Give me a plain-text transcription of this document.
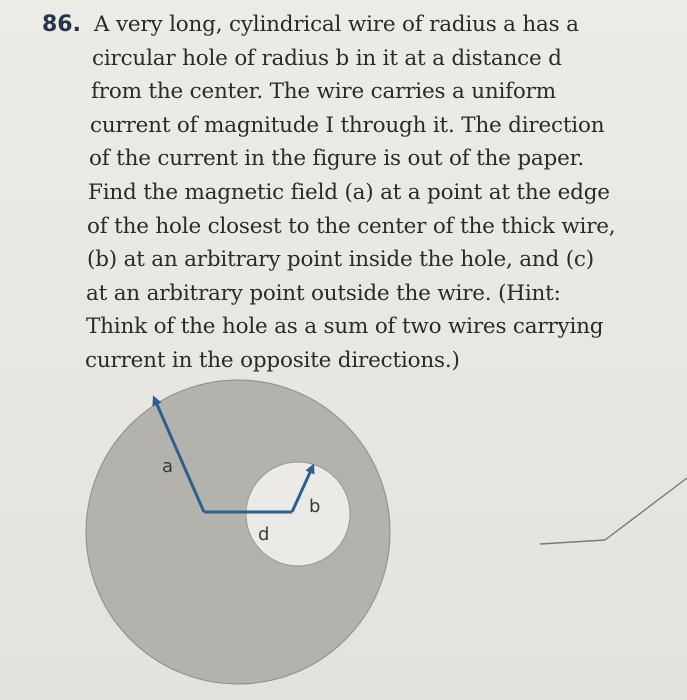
86. A very long, cylindrical wire of radius a has a
circular hole of radius b in it at a distance d
from the center. The wire carries a uniform
current of magnitude I through it. The direction
of the current in the figure is out of the paper.
Find the magnetic field (a) at a point at the edge
of the hole closest to the center of the thick wire,
(b) at an arbitrary point inside the hole, and (c)
at an arbitrary point outside the wire. (Hint:
Think of the hole as a sum of two wires carrying
current in the opposite directions.)
a
b
d
